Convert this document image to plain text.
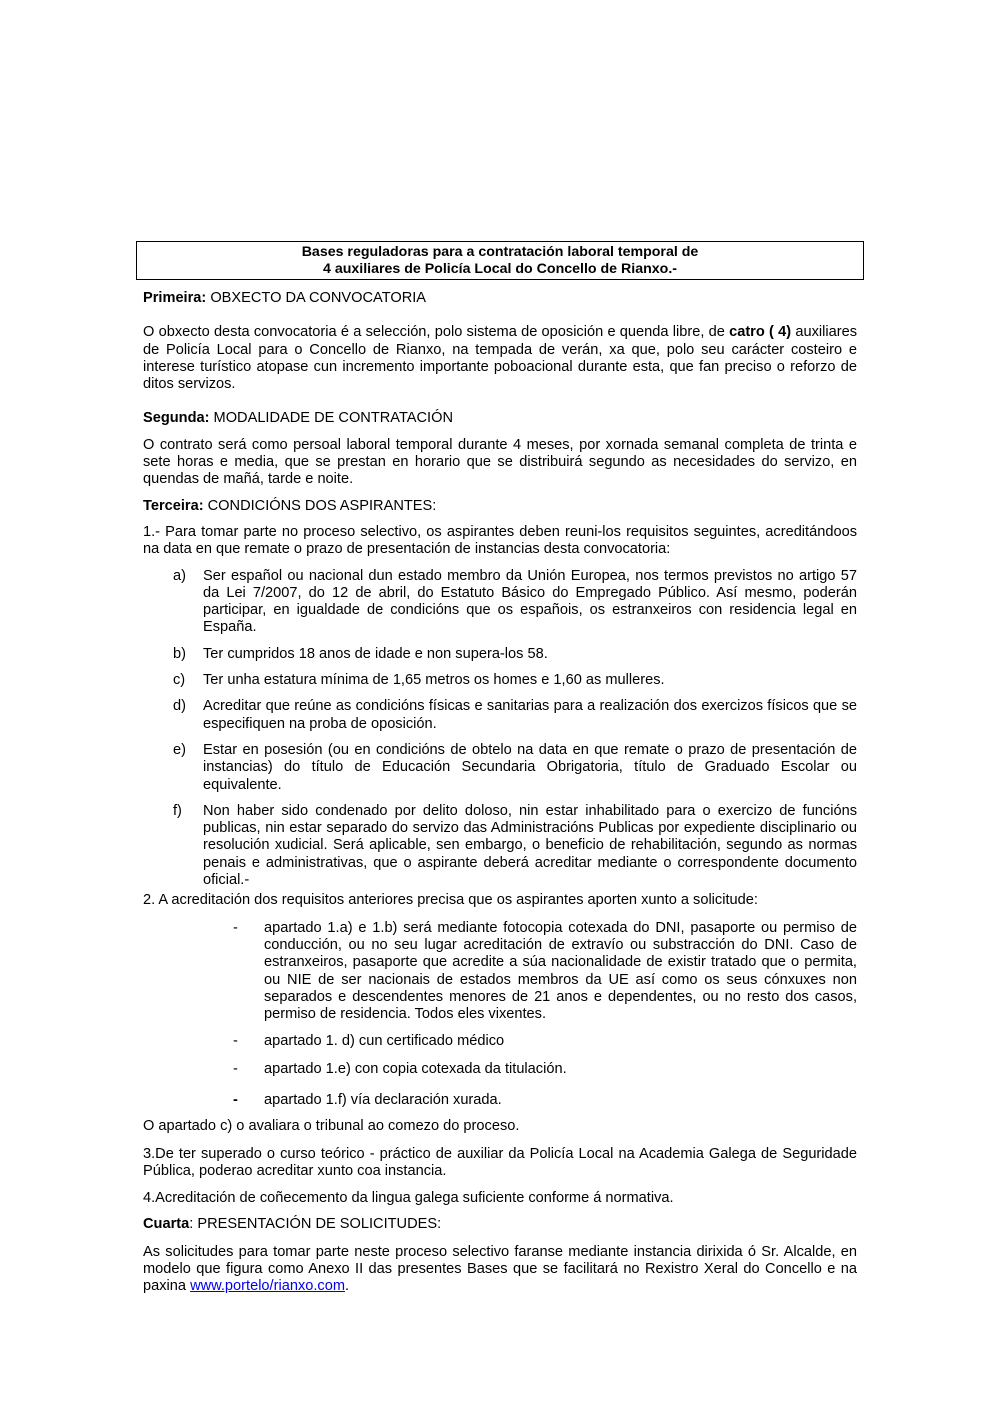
Bases reguladoras para a contratación laboral temporal de
4 auxiliares de Policía Local do Concello de Rianxo.-

Primeira: OBXECTO DA CONVOCATORIA

O obxecto desta convocatoria é a selección, polo sistema de oposición e quenda libre, de catro ( 4) auxiliares de Policía Local para o Concello de Rianxo, na tempada de verán, xa que, polo seu carácter costeiro e interese turístico atopase cun incremento importante poboacional durante esta, que fan preciso o reforzo de ditos servizos.

Segunda: MODALIDADE DE CONTRATACIÓN

O contrato será como persoal laboral temporal durante 4 meses, por xornada semanal completa de trinta e sete horas e media, que se prestan en horario que se distribuirá segundo as necesidades do servizo, en quendas de mañá, tarde e noite.

Terceira: CONDICIÓNS DOS ASPIRANTES:

1.- Para tomar parte no proceso selectivo, os aspirantes deben reuni-los requisitos seguintes, acreditándoos na data en que remate o prazo de presentación de instancias desta convocatoria:

a)	Ser español ou nacional dun estado membro da Unión Europea, nos termos previstos no artigo 57 da Lei 7/2007, do 12 de abril, do Estatuto Básico do Empregado Público. Así mesmo, poderán participar, en igualdade de condicións que os españois, os estranxeiros con residencia legal en España.
b)	Ter cumpridos 18 anos de idade e non supera-los 58.
c)	Ter unha estatura mínima de 1,65 metros os homes e 1,60 as mulleres.
d)	Acreditar que reúne as condicións físicas e sanitarias para a realización dos exercizos físicos que se especifiquen na proba de oposición.
e)	Estar en posesión (ou en condicións de obtelo na data en que remate o prazo de presentación de instancias) do título de Educación Secundaria Obrigatoria, título de Graduado Escolar ou equivalente.
f)	Non haber sido condenado por delito doloso, nin estar inhabilitado para o exercizo de funcións publicas, nin estar separado do servizo das Administracións Publicas por expediente disciplinario ou resolución xudicial. Será aplicable, sen embargo, o beneficio de rehabilitación, segundo as normas penais e administrativas, que o aspirante deberá acreditar mediante o correspondente documento oficial.-

2. A acreditación dos requisitos anteriores precisa que os aspirantes aporten xunto a solicitude:

-	apartado 1.a) e 1.b) será mediante fotocopia cotexada do DNI, pasaporte ou permiso de conducción, ou no seu lugar acreditación de extravío ou substracción do DNI. Caso de estranxeiros, pasaporte que acredite a súa nacionalidade de existir tratado que o permita, ou NIE de ser nacionais de estados membros da UE así como os seus cónxuxes non separados e descendentes menores de 21 anos e dependentes, ou no resto dos casos, permiso de residencia. Todos eles vixentes.
-	apartado 1. d) cun certificado médico
-	apartado 1.e) con copia cotexada da titulación.
-	apartado 1.f) vía declaración xurada.

O apartado c) o avaliara o tribunal ao comezo do proceso.

3.De ter superado o curso teórico - práctico de auxiliar da Policía Local na Academia Galega de Seguridade Pública, poderao acreditar xunto coa instancia.

4.Acreditación de coñecemento da lingua galega suficiente conforme á normativa.

Cuarta: PRESENTACIÓN DE SOLICITUDES:

As solicitudes para tomar parte neste proceso selectivo faranse mediante instancia dirixida ó Sr. Alcalde, en modelo que figura como Anexo II das presentes Bases que se facilitará no Rexistro Xeral do Concello e na paxina www.portelo/rianxo.com.
